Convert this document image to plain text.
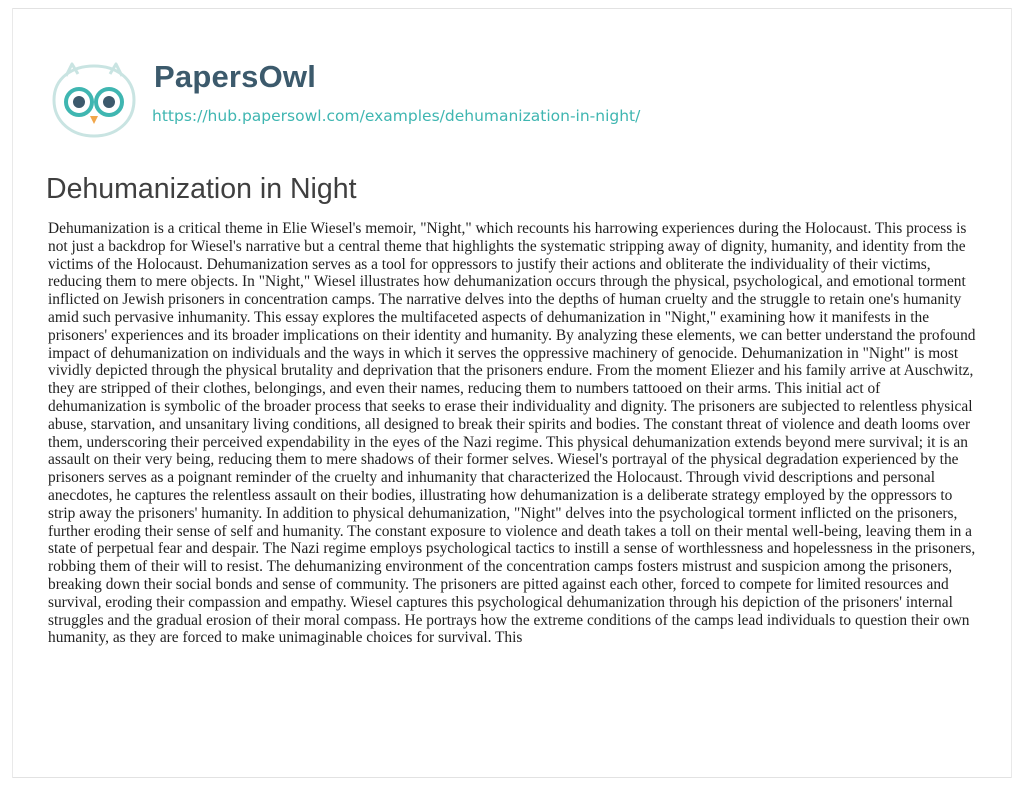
PapersOwl
https://hub.papersowl.com/examples/dehumanization-in-night/
Dehumanization in Night

Dehumanization is a critical theme in Elie Wiesel's memoir, "Night," which recounts his harrowing experiences during the Holocaust. This process is not just a backdrop for Wiesel's narrative but a central theme that highlights the systematic stripping away of dignity, humanity, and identity from the victims of the Holocaust. Dehumanization serves as a tool for oppressors to justify their actions and obliterate the individuality of their victims, reducing them to mere objects. In "Night," Wiesel illustrates how dehumanization occurs through the physical, psychological, and emotional torment inflicted on Jewish prisoners in concentration camps. The narrative delves into the depths of human cruelty and the struggle to retain one's humanity amid such pervasive inhumanity. This essay explores the multifaceted aspects of dehumanization in "Night," examining how it manifests in the prisoners' experiences and its broader implications on their identity and humanity. By analyzing these elements, we can better understand the profound impact of dehumanization on individuals and the ways in which it serves the oppressive machinery of genocide. Dehumanization in "Night" is most vividly depicted through the physical brutality and deprivation that the prisoners endure. From the moment Eliezer and his family arrive at Auschwitz, they are stripped of their clothes, belongings, and even their names, reducing them to numbers tattooed on their arms. This initial act of dehumanization is symbolic of the broader process that seeks to erase their individuality and dignity. The prisoners are subjected to relentless physical abuse, starvation, and unsanitary living conditions, all designed to break their spirits and bodies. The constant threat of violence and death looms over them, underscoring their perceived expendability in the eyes of the Nazi regime. This physical dehumanization extends beyond mere survival; it is an assault on their very being, reducing them to mere shadows of their former selves. Wiesel's portrayal of the physical degradation experienced by the prisoners serves as a poignant reminder of the cruelty and inhumanity that characterized the Holocaust. Through vivid descriptions and personal anecdotes, he captures the relentless assault on their bodies, illustrating how dehumanization is a deliberate strategy employed by the oppressors to strip away the prisoners' humanity. In addition to physical dehumanization, "Night" delves into the psychological torment inflicted on the prisoners, further eroding their sense of self and humanity. The constant exposure to violence and death takes a toll on their mental well-being, leaving them in a state of perpetual fear and despair. The Nazi regime employs psychological tactics to instill a sense of worthlessness and hopelessness in the prisoners, robbing them of their will to resist. The dehumanizing environment of the concentration camps fosters mistrust and suspicion among the prisoners, breaking down their social bonds and sense of community. The prisoners are pitted against each other, forced to compete for limited resources and survival, eroding their compassion and empathy. Wiesel captures this psychological dehumanization through his depiction of the prisoners' internal struggles and the gradual erosion of their moral compass. He portrays how the extreme conditions of the camps lead individuals to question their own humanity, as they are forced to make unimaginable choices for survival. This
